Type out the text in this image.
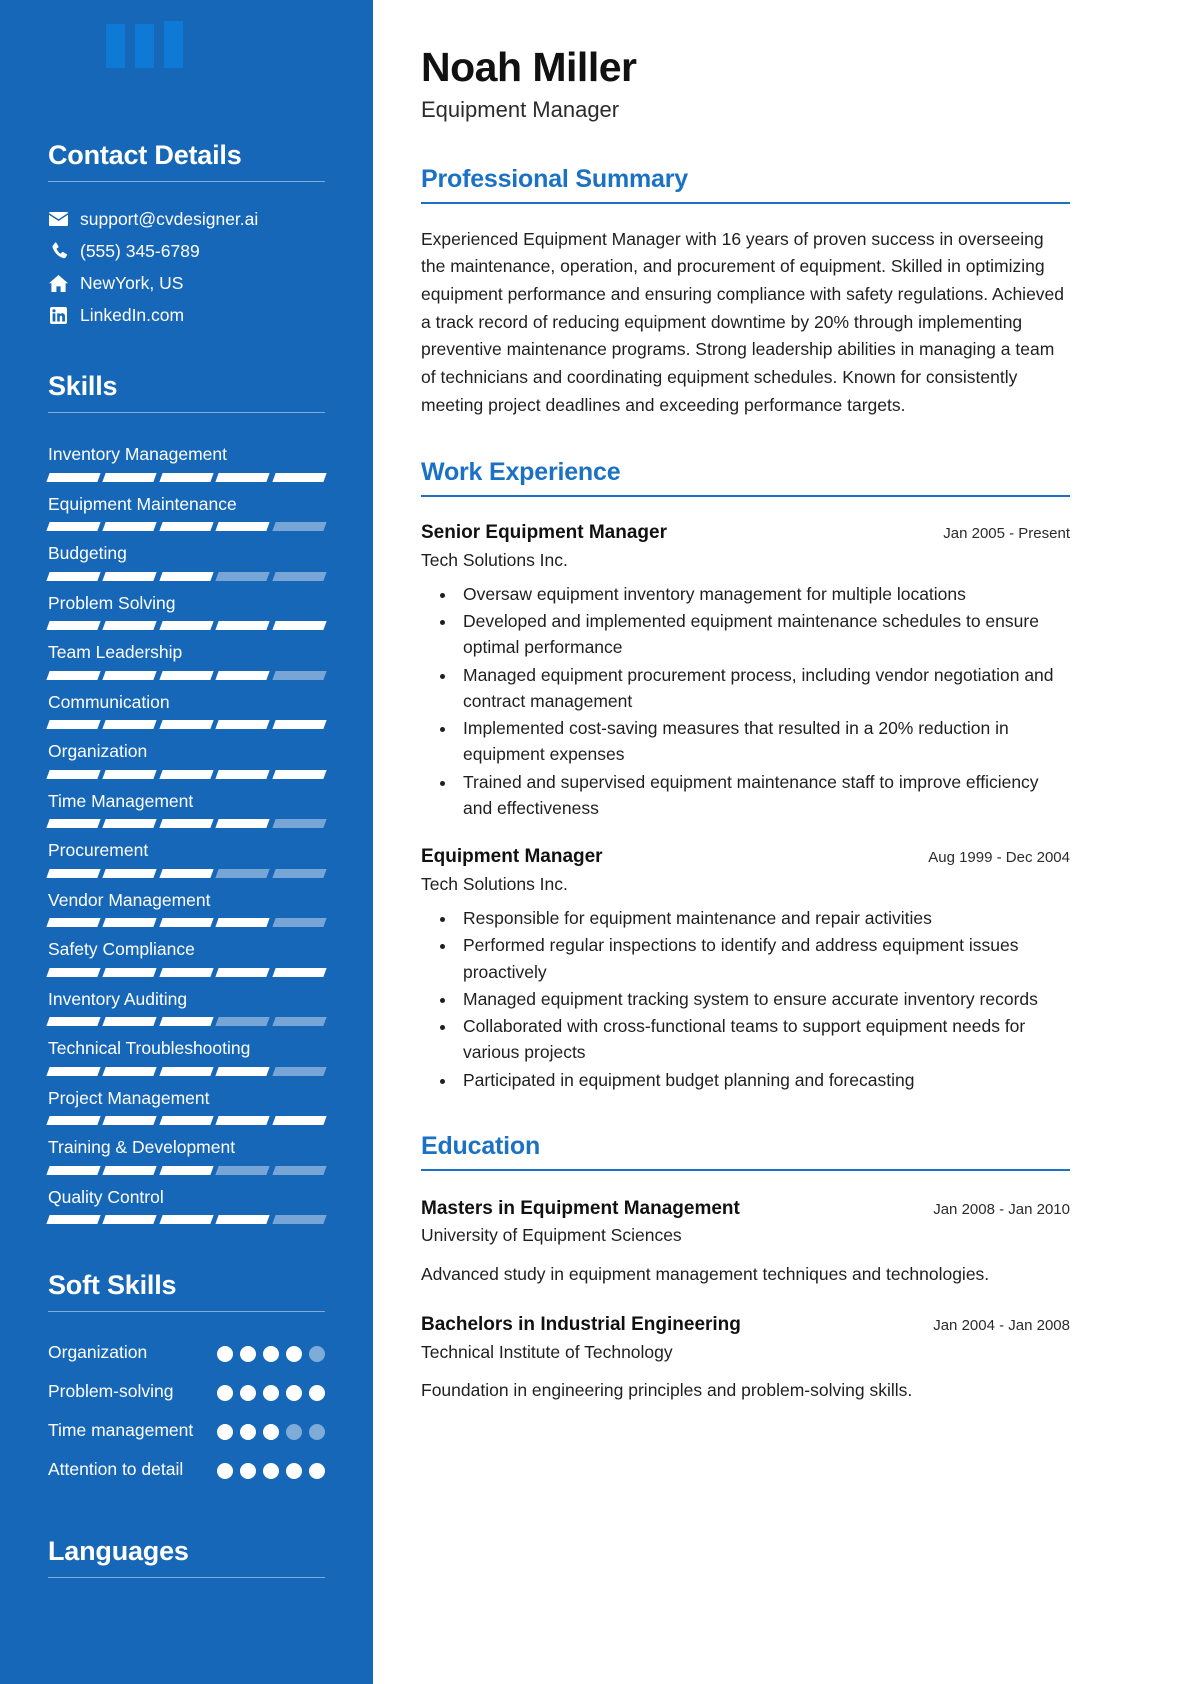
Contact Details
support@cvdesigner.ai
(555) 345-6789
NewYork, US
LinkedIn.com
Skills
Inventory Management
Equipment Maintenance
Budgeting
Problem Solving
Team Leadership
Communication
Organization
Time Management
Procurement
Vendor Management
Safety Compliance
Inventory Auditing
Technical Troubleshooting
Project Management
Training & Development
Quality Control
Soft Skills
Organization
Problem-solving
Time management
Attention to detail
Languages
Noah Miller
Equipment Manager
Professional Summary

Experienced Equipment Manager with 16 years of proven success in overseeing the maintenance, operation, and procurement of equipment. Skilled in optimizing equipment performance and ensuring compliance with safety regulations. Achieved a track record of reducing equipment downtime by 20% through implementing preventive maintenance programs. Strong leadership abilities in managing a team of technicians and coordinating equipment schedules. Known for consistently meeting project deadlines and exceeding performance targets.

Work Experience
Senior Equipment Manager	Jan 2005 - Present
Tech Solutions Inc.
• Oversaw equipment inventory management for multiple locations
• Developed and implemented equipment maintenance schedules to ensure optimal performance
• Managed equipment procurement process, including vendor negotiation and contract management
• Implemented cost-saving measures that resulted in a 20% reduction in equipment expenses
• Trained and supervised equipment maintenance staff to improve efficiency and effectiveness
Equipment Manager	Aug 1999 - Dec 2004
Tech Solutions Inc.
• Responsible for equipment maintenance and repair activities
• Performed regular inspections to identify and address equipment issues proactively
• Managed equipment tracking system to ensure accurate inventory records
• Collaborated with cross-functional teams to support equipment needs for various projects
• Participated in equipment budget planning and forecasting
Education
Masters in Equipment Management	Jan 2008 - Jan 2010
University of Equipment Sciences
Advanced study in equipment management techniques and technologies.
Bachelors in Industrial Engineering	Jan 2004 - Jan 2008
Technical Institute of Technology
Foundation in engineering principles and problem-solving skills.
